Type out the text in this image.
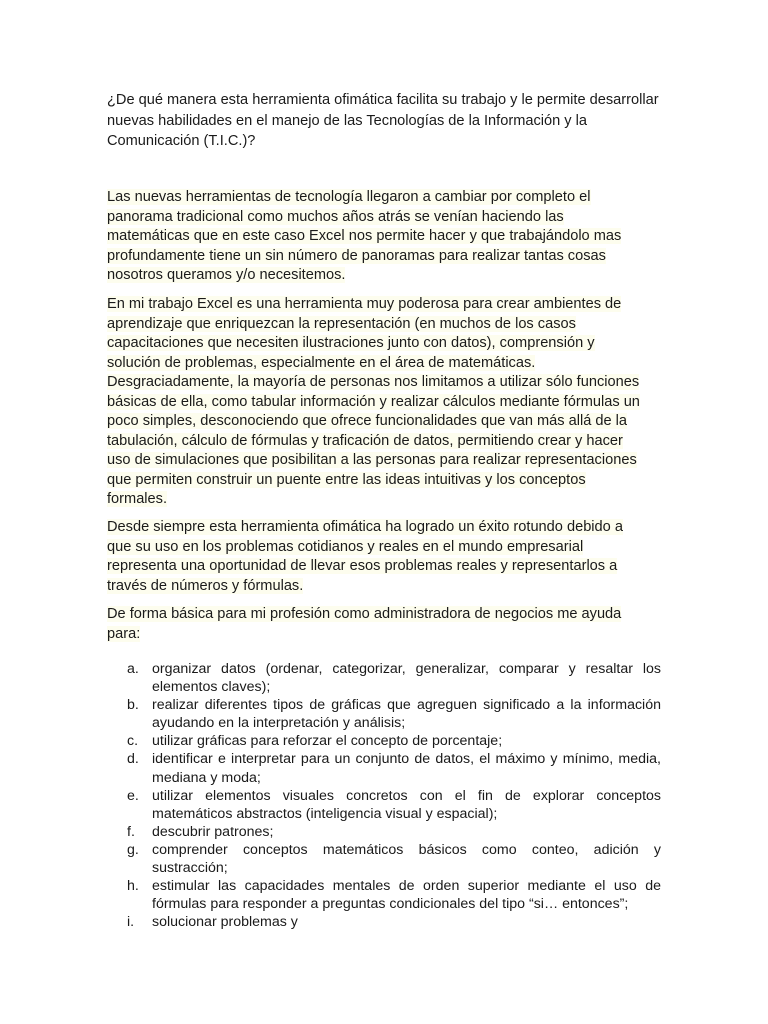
¿De qué manera esta herramienta ofimática facilita su trabajo y le permite desarrollar nuevas habilidades en el manejo de las Tecnologías de la Información y la Comunicación (T.I.C.)?

Las nuevas herramientas de tecnología llegaron a cambiar por completo el panorama tradicional como muchos años atrás se venían haciendo las matemáticas que en este caso Excel nos permite hacer y que trabajándolo mas profundamente tiene un sin número de panoramas para realizar tantas cosas nosotros queramos y/o necesitemos.

En mi trabajo Excel es una herramienta muy poderosa para crear ambientes de aprendizaje que enriquezcan la representación (en muchos de los casos capacitaciones que necesiten ilustraciones junto con datos), comprensión y solución de problemas, especialmente en el área de matemáticas. Desgraciadamente, la mayoría de personas nos limitamos a utilizar sólo funciones básicas de ella, como tabular información y realizar cálculos mediante fórmulas un poco simples, desconociendo que ofrece funcionalidades que van más allá de la tabulación, cálculo de fórmulas y traficación de datos, permitiendo crear y hacer uso de simulaciones que posibilitan a las personas para realizar representaciones que permiten construir un puente entre las ideas intuitivas y los conceptos formales.

Desde siempre esta herramienta ofimática ha logrado un éxito rotundo debido a que su uso en los problemas cotidianos y reales en el mundo empresarial representa una oportunidad de llevar esos problemas reales y representarlos a través de números y fórmulas.

De forma básica para mi profesión como administradora de negocios me ayuda para:

a. organizar datos (ordenar, categorizar, generalizar, comparar y resaltar los elementos claves);
b. realizar diferentes tipos de gráficas que agreguen significado a la información ayudando en la interpretación y análisis;
c. utilizar gráficas para reforzar el concepto de porcentaje;
d. identificar e interpretar para un conjunto de datos, el máximo y mínimo, media, mediana y moda;
e. utilizar elementos visuales concretos con el fin de explorar conceptos matemáticos abstractos (inteligencia visual y espacial);
f.	descubrir patrones;
g. comprender conceptos matemáticos básicos como conteo, adición y sustracción;
h. estimular las capacidades mentales de orden superior mediante el uso de fórmulas para responder a preguntas condicionales del tipo “si… entonces”;
i.	solucionar problemas y
